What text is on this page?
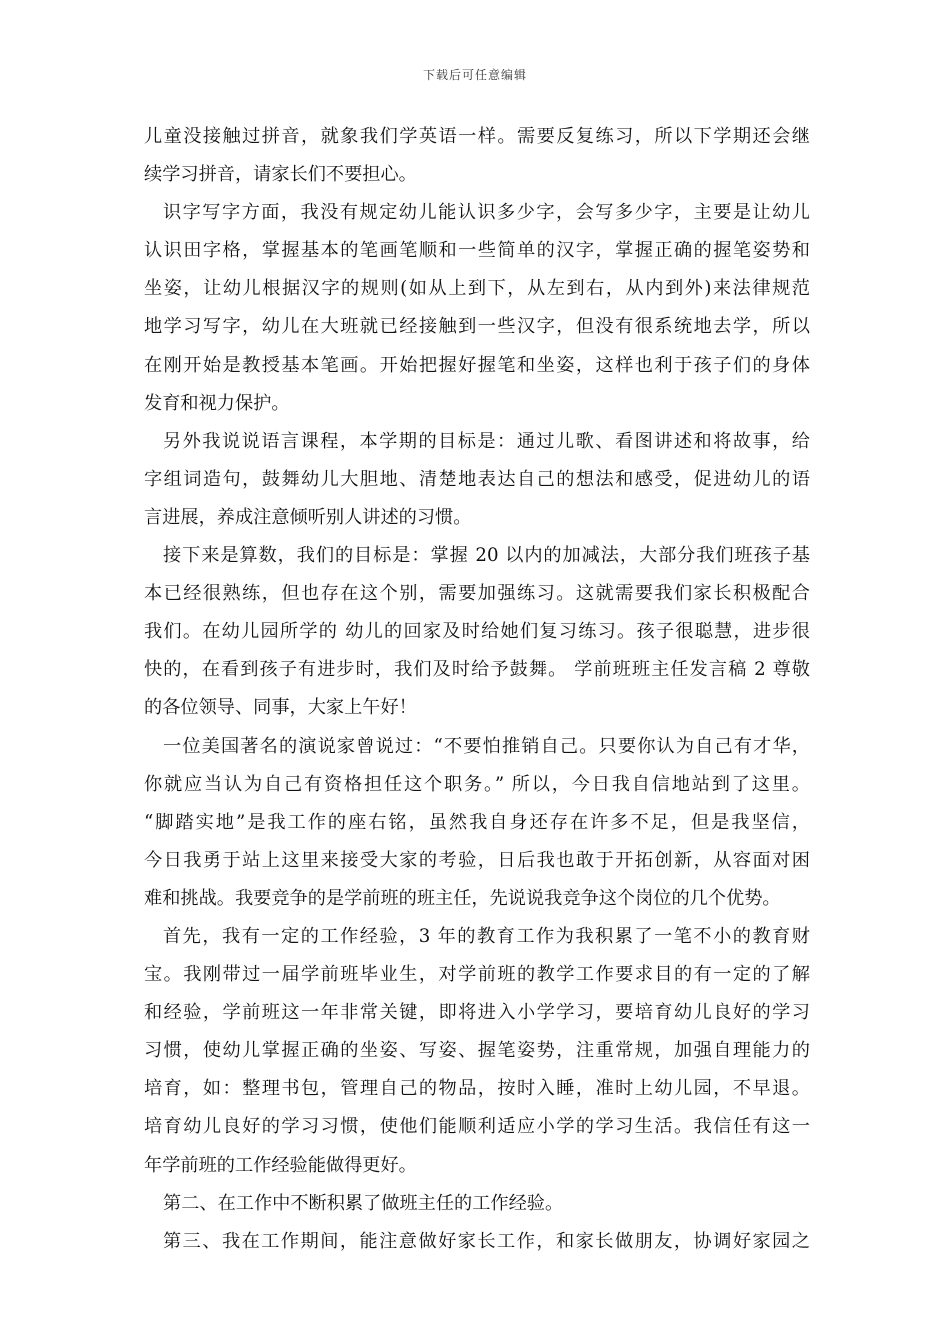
下载后可任意编辑
儿童没接触过拼音，就象我们学英语一样。需要反复练习，所以下学期还会继
续学习拼音，请家长们不要担心。
识字写字方面，我没有规定幼儿能认识多少字，会写多少字，主要是让幼儿
认识田字格，掌握基本的笔画笔顺和一些简单的汉字，掌握正确的握笔姿势和
坐姿，让幼儿根据汉字的规则(如从上到下，从左到右，从内到外)来法律规范
地学习写字，幼儿在大班就已经接触到一些汉字，但没有很系统地去学，所以
在刚开始是教授基本笔画。开始把握好握笔和坐姿，这样也利于孩子们的身体
发育和视力保护。
另外我说说语言课程，本学期的目标是：通过儿歌、看图讲述和将故事，给
字组词造句，鼓舞幼儿大胆地、清楚地表达自己的想法和感受，促进幼儿的语
言进展，养成注意倾听别人讲述的习惯。
接下来是算数，我们的目标是：掌握 20 以内的加减法，大部分我们班孩子基
本已经很熟练，但也存在这个别，需要加强练习。这就需要我们家长积极配合
我们。在幼儿园所学的 幼儿的回家及时给她们复习练习。孩子很聪慧，进步很
快的，在看到孩子有进步时，我们及时给予鼓舞。 学前班班主任发言稿 2 尊敬
的各位领导、同事，大家上午好！
一位美国著名的演说家曾说过：“不要怕推销自己。只要你认为自己有才华，
你就应当认为自己有资格担任这个职务。” 所以，今日我自信地站到了这里。
“脚踏实地”是我工作的座右铭，虽然我自身还存在许多不足，但是我坚信，
今日我勇于站上这里来接受大家的考验，日后我也敢于开拓创新，从容面对困
难和挑战。我要竞争的是学前班的班主任，先说说我竞争这个岗位的几个优势。
首先，我有一定的工作经验，3 年的教育工作为我积累了一笔不小的教育财
宝。我刚带过一届学前班毕业生，对学前班的教学工作要求目的有一定的了解
和经验，学前班这一年非常关键，即将进入小学学习，要培育幼儿良好的学习
习惯，使幼儿掌握正确的坐姿、写姿、握笔姿势，注重常规，加强自理能力的
培育，如：整理书包，管理自己的物品，按时入睡，准时上幼儿园，不早退。
培育幼儿良好的学习习惯，使他们能顺利适应小学的学习生活。我信任有这一
年学前班的工作经验能做得更好。
第二、在工作中不断积累了做班主任的工作经验。
第三、我在工作期间，能注意做好家长工作，和家长做朋友，协调好家园之
